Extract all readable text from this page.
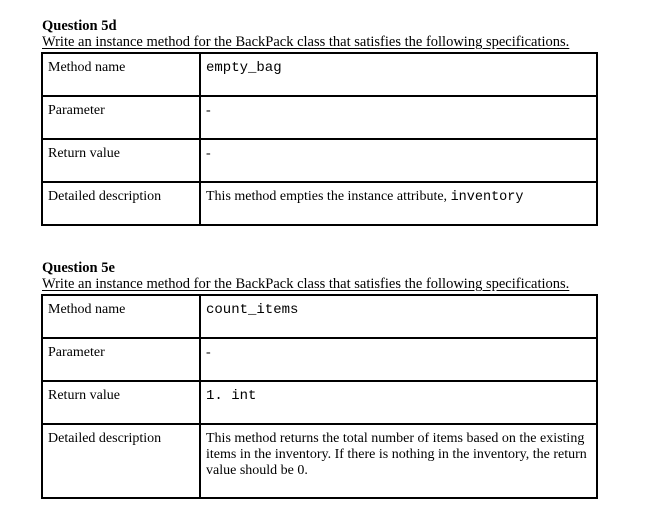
Question 5d
Write an instance method for the BackPack class that satisfies the following specifications.
Method name	empty_bag
Parameter	-
Return value	-
Detailed description	This method empties the instance attribute, inventory
Question 5e
Write an instance method for the BackPack class that satisfies the following specifications.
Method name	count_items
Parameter	-
Return value	1. int
Detailed description	This method returns the total number of items based on the existing items in the inventory. If there is nothing in the inventory, the return value should be 0.
